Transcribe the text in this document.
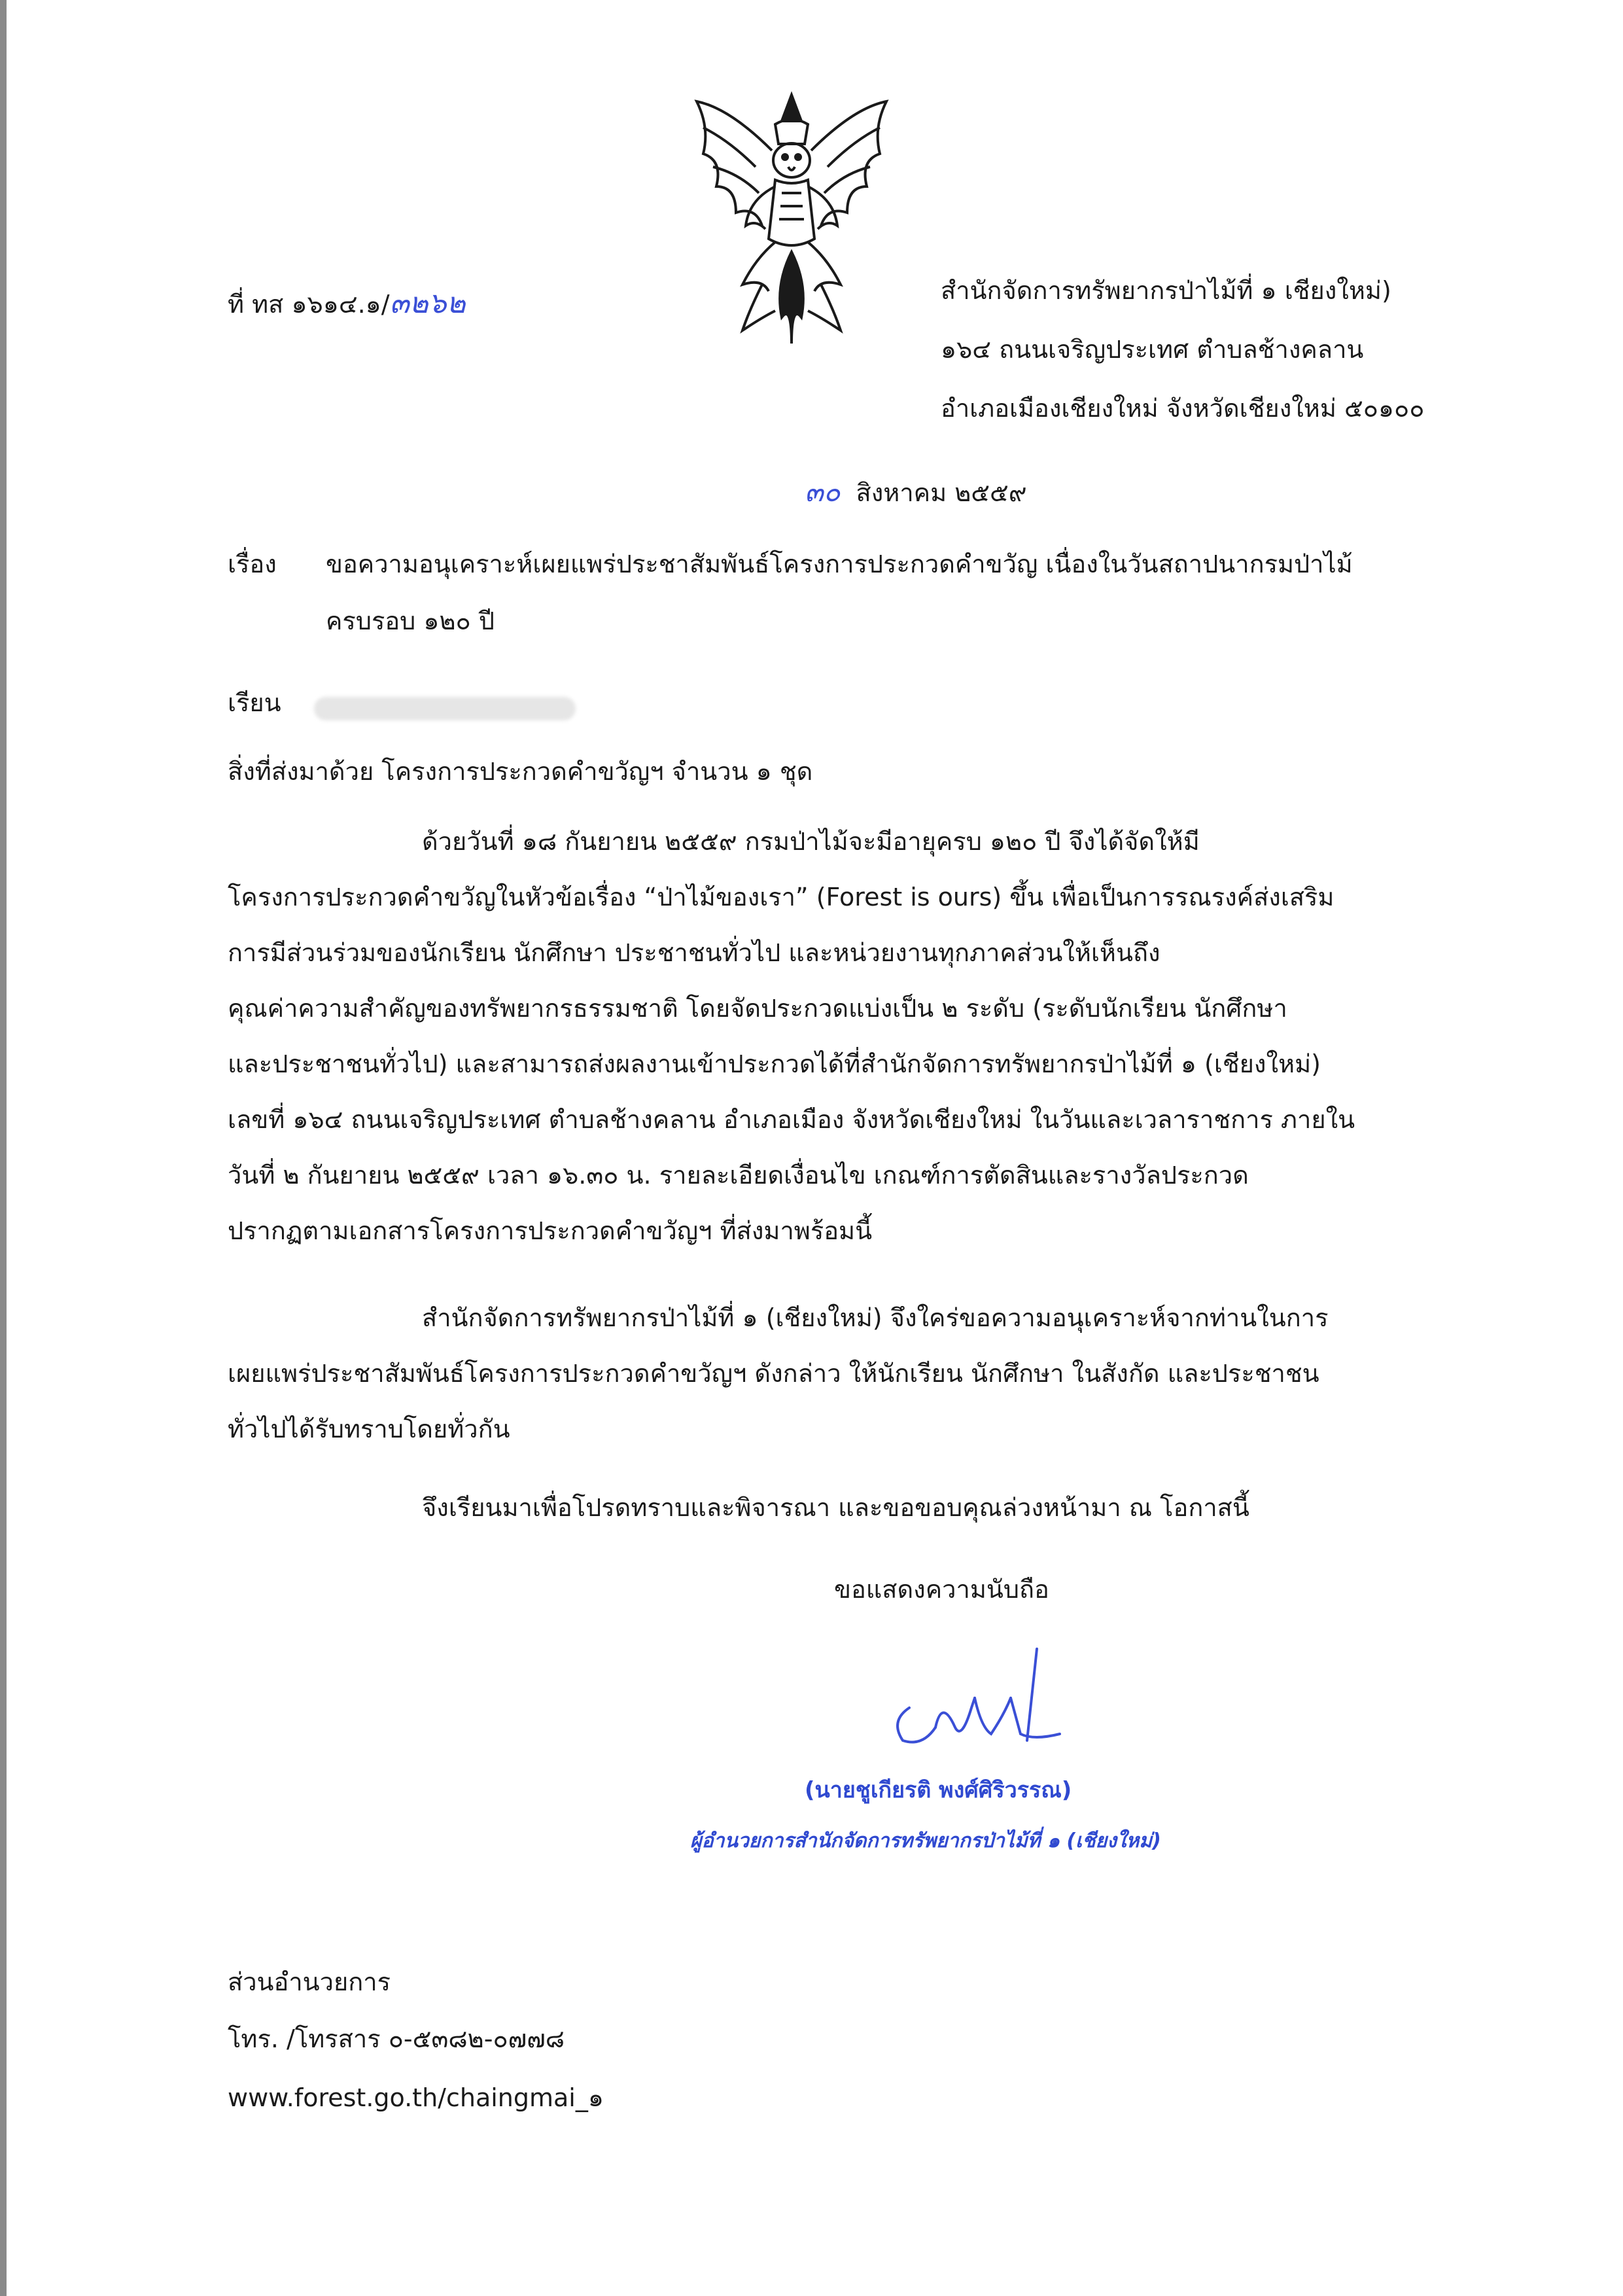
ที่ ทส ๑๖๑๔.๑/๓๒๖๒	สำนักจัดการทรัพยากรป่าไม้ที่ ๑ เชียงใหม่)
๑๖๔ ถนนเจริญประเทศ ตำบลช้างคลาน
อำเภอเมืองเชียงใหม่ จังหวัดเชียงใหม่ ๕๐๑๐๐
๓๐ สิงหาคม ๒๕๕๙
เรื่อง ขอความอนุเคราะห์เผยแพร่ประชาสัมพันธ์โครงการประกวดคำขวัญ เนื่องในวันสถาปนากรมป่าไม้
ครบรอบ ๑๒๐ ปี
เรียน
สิ่งที่ส่งมาด้วย โครงการประกวดคำขวัญฯ จำนวน ๑ ชุด
ด้วยวันที่ ๑๘ กันยายน ๒๕๕๙ กรมป่าไม้จะมีอายุครบ ๑๒๐ ปี จึงได้จัดให้มี
โครงการประกวดคำขวัญในหัวข้อเรื่อง “ป่าไม้ของเรา” (Forest is ours) ขึ้น เพื่อเป็นการรณรงค์ส่งเสริม
การมีส่วนร่วมของนักเรียน นักศึกษา ประชาชนทั่วไป และหน่วยงานทุกภาคส่วนให้เห็นถึง
คุณค่าความสำคัญของทรัพยากรธรรมชาติ โดยจัดประกวดแบ่งเป็น ๒ ระดับ (ระดับนักเรียน นักศึกษา
และประชาชนทั่วไป) และสามารถส่งผลงานเข้าประกวดได้ที่สำนักจัดการทรัพยากรป่าไม้ที่ ๑ (เชียงใหม่)
เลขที่ ๑๖๔ ถนนเจริญประเทศ ตำบลช้างคลาน อำเภอเมือง จังหวัดเชียงใหม่ ในวันและเวลาราชการ ภายใน
วันที่ ๒ กันยายน ๒๕๕๙ เวลา ๑๖.๓๐ น. รายละเอียดเงื่อนไข เกณฑ์การตัดสินและรางวัลประกวด
ปรากฏตามเอกสารโครงการประกวดคำขวัญฯ ที่ส่งมาพร้อมนี้
สำนักจัดการทรัพยากรป่าไม้ที่ ๑ (เชียงใหม่) จึงใคร่ขอความอนุเคราะห์จากท่านในการ
เผยแพร่ประชาสัมพันธ์โครงการประกวดคำขวัญฯ ดังกล่าว ให้นักเรียน นักศึกษา ในสังกัด และประชาชน
ทั่วไปได้รับทราบโดยทั่วกัน
จึงเรียนมาเพื่อโปรดทราบและพิจารณา และขอขอบคุณล่วงหน้ามา ณ โอกาสนี้
ขอแสดงความนับถือ
(นายชูเกียรติ พงศ์ศิริวรรณ)
ผู้อำนวยการสำนักจัดการทรัพยากรป่าไม้ที่ ๑ (เชียงใหม่)
ส่วนอำนวยการ
โทร. /โทรสาร ๐-๕๓๘๒-๐๗๗๘
www.forest.go.th/chaingmai_๑
